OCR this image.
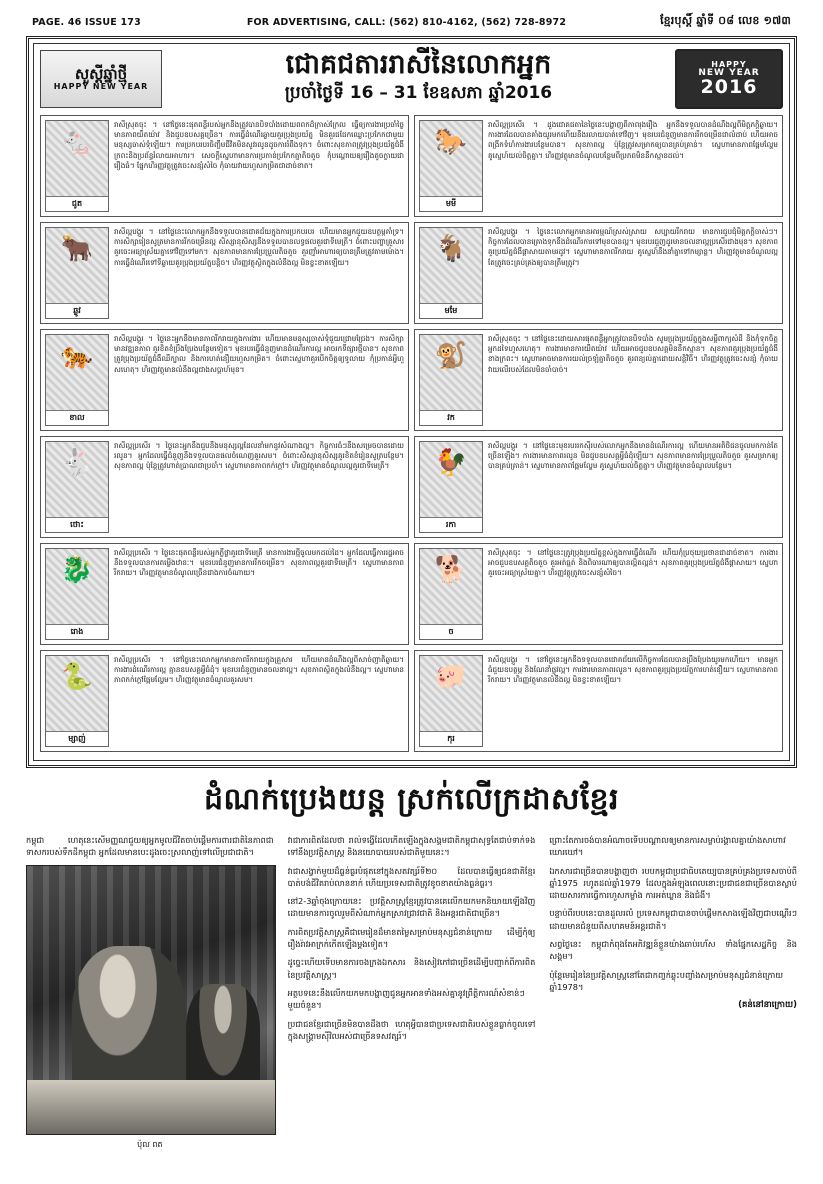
PAGE. 46 ISSUE 173	FOR ADVERTISING, CALL: (562) 810-4162, (562) 728-8972	ខ្មែរបុស្តិ៍ ឆ្នាំទី ០៨ លេខ ១៧៣
សួស្ដីឆ្នាំថ្មី
HAPPY NEW YEAR
ជោគជតាររាសីនៃលោកអ្នក
ប្រចាំថ្ងៃទី 16 – 31 ខែឧសភា ឆ្នាំ2016
HAPPY
NEW YEAR
2016
🐁
ជូត
រាសីស្រុតចុះ ។ នៅថ្ងៃនេះផុតពន្លឺរបស់អ្នកនឹងត្រូវបានបិទបាំងដោយពពកដ៏ក្រាស់ក្រែល ធ្វើឲ្យការងារប្រចាំថ្ងៃមានភាពយឺតយ៉ាវ និងជួបឧបសគ្គច្រើន។ ការធ្វើដំណើរឆ្ងាយគួរប្រុងប្រយ័ត្ន មិនគួរជជែកឈ្លោះប្រកែកជាមួយមនុស្សចាស់ទុំឡើយ។ ការប្រកបរបរចិញ្ចឹមជីវិតមិនសូវរលូនដូចការរំពឹងទុក។ ចំពោះសុខភាពត្រូវប្រុងប្រយ័ត្នជំងឺក្រពះនិងប្រព័ន្ធរំលាយអាហារ។ សេចក្ដីស្នេហាមានការប្រកាន់ប្រកែកគ្នាតិចតួច កុំបណ្ដោយឲ្យរឿងតូចក្លាយជារឿងធំ។ ផ្នែកហិរញ្ញវត្ថុត្រូវចេះសន្សំសំចៃ កុំចាយវាយហួសកម្រិតជាដាច់ខាត។
🐎
មមី
រាសីល្អប្រសើរ ។ ដួងជោគជតានៃថ្ងៃនេះបង្ហាញពីភាពរុងរឿង អ្នកនឹងទទួលបានដំណឹងល្អពីមិត្តភក្ដិឆ្ងាយ។ ការងារដែលបានគាំងយូរមកហើយនឹងរលាយបាត់ទៅវិញ។ មុខរបរជំនួញមានការរីកចម្រើនជាលំដាប់ ហើយអាចពង្រីកទំហំការងារបន្ថែមបាន។ សុខភាពល្អ ប៉ុន្ដែត្រូវសម្រាកឲ្យបានគ្រប់គ្រាន់។ ស្នេហាមានភាពផ្អែមល្ហែម គូស្នេហ៍យល់ចិត្តគ្នា។ ហិរញ្ញវត្ថុមានចំណូលបន្ថែមពីប្រភពមិននឹកស្មានដល់។
🐂
ឆ្លូវ
រាសីល្អបង្គួរ ។ នៅថ្ងៃនេះលោកអ្នកនឹងទទួលបានជោគជ័យក្នុងការប្រកបរបរ ហើយមានអ្នកជួយឧបត្ថម្ភគាំទ្រ។ ការសិក្សារៀនសូត្រមានការរីកចម្រើនល្អ សិស្សានុសិស្សនឹងទទួលបានលទ្ធផលគួរជាទីមេត្រី។ ចំពោះបញ្ហាគ្រួសារគួរចេះអធ្យាស្រ័យគ្នាទៅវិញទៅមក។ សុខភាពមានការប្រែប្រួលតិចតួច គួរញ៉ាំអាហារឲ្យបានត្រឹមត្រូវតាមម៉ោង។ ការធ្វើដំណើរទៅទីឆ្ងាយគួរប្រុងប្រយ័ត្នបន្ដិច។ ហិរញ្ញវត្ថុស្ថិតក្នុងលំនឹងល្អ មិនខ្វះខាតឡើយ។	🐐
មមែ
រាសីល្អបង្គួរ ។ ថ្ងៃនេះលោកអ្នកមានអារម្មណ៍ស្រស់ស្រាយ សប្បាយរីករាយ មានការជួបជុំមិត្តភក្ដិចាស់ៗ។ កិច្ចការដែលបានគ្រោងទុកនឹងដំណើរការទៅមុខបានល្អ។ មុខរបរជួញដូរមានចលនាល្អប្រសើរជាងមុន។ សុខភាពគួរប្រយ័ត្នជំងឺផ្ដាសាយតាមរដូវ។ ស្នេហាមានភាពរីករាយ គូស្នេហ៍នឹងនាំគ្នាទៅកម្សាន្ដ។ ហិរញ្ញវត្ថុមានចំណូលល្អ តែត្រូវចេះគ្រប់គ្រងឲ្យបានត្រឹមត្រូវ។
🐅
ខាល
រាសីល្អបង្គួរ ។ ថ្ងៃនេះអ្នកនឹងមានភាពរីករាយក្នុងការងារ ហើយមានមនុស្សចាស់ទុំជួយជ្រោមជ្រែង។ ការសិក្សាមានវឌ្ឍនភាព គួរខិតខំប្រឹងប្រែងបន្ថែមទៀត។ មុខរបរធ្វើជំនួញមានដំណើរការល្អ អាចរកទីផ្សារថ្មីបាន។ សុខភាពត្រូវប្រុងប្រយ័ត្នជំងឺឈឺក្បាល និងការហត់នឿយហួសកម្រិត។ ចំពោះស្នេហាគួរបើកចិត្តឲ្យទូលាយ កុំប្រកាន់អ្វីហួសហេតុ។ ហិរញ្ញវត្ថុមានលំនឹងល្អជាងសប្ដាហ៍មុន។	🐒
វក
រាសីស្រុតចុះ ។ នៅថ្ងៃនេះដោយសារផុតពន្លឺអ្នកត្រូវបានបិទបាំង សូមប្រុងប្រយ័ត្នក្នុងសម្ដីពាក្យសំដី និងកុំទុកចិត្តអ្នកដទៃហួសហេតុ។ ការងារមានការយឺតយ៉ាវ ហើយអាចជួបឧបសគ្គមិននឹកស្មាន។ សុខភាពគួរប្រុងប្រយ័ត្នជំងឺខាងក្រពះ។ ស្នេហាអាចមានការយល់ច្រឡំគ្នាតិចតួច គួរពន្យល់គ្នាដោយសន្ដិវិធី។ ហិរញ្ញវត្ថុត្រូវចេះសន្សំ កុំចាយវាយលើរបស់ដែលមិនចាំបាច់។
🐇
ថោះ
រាសីល្អប្រសើរ ។ ថ្ងៃនេះអ្នកនឹងជួបនឹងមនុស្សល្អដែលនាំមកនូវសំណាងល្អ។ កិច្ចការធំៗនឹងសម្រេចបានដោយរលូន។ អ្នកដែលធ្វើជំនួញនឹងទទួលបានផលចំណេញគួរសម។ ចំពោះសិស្សានុសិស្សគួរខិតខំរៀនសូត្របន្ថែម។ សុខភាពល្អ ប៉ុន្ដែត្រូវហាត់ប្រាណជាប្រចាំ។ ស្នេហាមានភាពកក់ក្ដៅ។ ហិរញ្ញវត្ថុមានចំណូលល្អគួរជាទីមេត្រី។	🐓
រកា
រាសីល្អបង្គួរ ។ នៅថ្ងៃនេះមុខរបររកស៊ីរបស់លោកអ្នកនឹងមានដំណើរការល្អ ហើយមានអតិថិជនចូលមកកាន់តែច្រើនឡើង។ ការងារមានភាពរលូន មិនជួបឧបសគ្គអ្វីធំដុំឡើយ។ សុខភាពមានការប្រែប្រួលតិចតួច គួរសម្រាកឲ្យបានគ្រប់គ្រាន់។ ស្នេហាមានភាពផ្អែមល្ហែម គូស្នេហ៍យល់ចិត្តគ្នា។ ហិរញ្ញវត្ថុមានចំណូលបន្ថែម។
🐉
រោង
រាសីល្អប្រសើរ ។ ថ្ងៃនេះផុតពន្លឺរបស់អ្នកភ្លឺថ្លាគួរជាទីមេត្រី មានការងារថ្មីចូលមកដល់ដៃ។ អ្នកដែលធ្វើការរដ្ឋអាចនឹងទទួលបានការតម្លើងឋានៈ។ មុខរបរជំនួញមានការរីកចម្រើន។ សុខភាពល្អគួរជាទីមេត្រី។ ស្នេហាមានភាពរីករាយ។ ហិរញ្ញវត្ថុមានចំណូលច្រើនជាងការចំណាយ។	🐕
ច
រាសីស្រុតចុះ ។ នៅថ្ងៃនេះត្រូវប្រុងប្រយ័ត្នខ្ពស់ក្នុងការធ្វើដំណើរ ហើយកុំប្រថុយប្រថានជាដាច់ខាត។ ការងារអាចជួបឧបសគ្គតិចតួច គួរអត់ធ្មត់ និងពិចារណាឲ្យបានល្អិតល្អន់។ សុខភាពគួរប្រុងប្រយ័ត្នជំងឺផ្ដាសាយ។ ស្នេហាគួរចេះអធ្យាស្រ័យគ្នា។ ហិរញ្ញវត្ថុត្រូវចេះសន្សំសំចៃ។
🐍
ម្សាញ់
រាសីល្អប្រសើរ ។ នៅថ្ងៃនេះលោកអ្នកមានភាពរីករាយក្នុងគ្រួសារ ហើយមានដំណឹងល្អពីសាច់ញាតិឆ្ងាយ។ ការងារដំណើរការល្អ គ្មានឧបសគ្គអ្វីធំដុំ។ មុខរបរជំនួញមានចលនាល្អ។ សុខភាពស្ថិតក្នុងលំនឹងល្អ។ ស្នេហាមានភាពកក់ក្ដៅផ្អែមល្ហែម។ ហិរញ្ញវត្ថុមានចំណូលគួរសម។	🐖
កុរ
រាសីល្អបង្គួរ ។ នៅថ្ងៃនេះអ្នកនឹងទទួលបានជោគជ័យលើកិច្ចការដែលបានប្រឹងប្រែងយូរមកហើយ។ មានអ្នកធំជួយឧបត្ថម្ភ និងណែនាំផ្លូវល្អ។ ការងារមានភាពរលូន។ សុខភាពគួរប្រុងប្រយ័ត្នការហត់នឿយ។ ស្នេហាមានភាពរីករាយ។ ហិរញ្ញវត្ថុមានលំនឹងល្អ មិនខ្វះខាតឡើយ។
ដំណក់ប្រេងយន្ត ស្រក់លើក្រដាសខ្មែរ

កម្ពុជា ហេតុនេះសើមញ្ញណជួយឲ្យអ្នកមូលជីវិតចាប់ផ្ដើមការពារជាតិនៃភាពជាទាសករបស់ទឹកដីកម្ពុជា អ្នកដែលមានបេះដូងចេះស្រលាញ់ទៅលើប្រជាជាតិ។

ប៉ុល ពត

វាជាការពិតដែលថា រាល់ទង្វើដែលកើតឡើងក្នុងសង្គមជាតិកម្ពុជាសុទ្ធតែជាប់ទាក់ទងទៅនឹងប្រវត្តិសាស្ដ្រ និងនយោបាយរបស់ជាតិមួយនេះ។

វាជាសង្វាក់មួយដ៏ធ្ងន់ធ្ងរបំផុតនៅក្នុងសតវត្សរ៍ទី២០ ដែលបានធ្វើឲ្យជនជាតិខ្មែរបាត់បង់ជីវិតរាប់លាននាក់ ហើយប្រទេសជាតិត្រូវខូចខាតយ៉ាងធ្ងន់ធ្ងរ។

នៅ2-3ឆ្នាំចុងក្រោយនេះ ប្រវត្ដិសាស្ដ្រខ្មែរត្រូវបានគេលើកយកមកនិយាយឡើងវិញ ដោយមានការចូលរួមពីសំណាក់អ្នកស្រាវជ្រាវជាតិ និងអន្ដរជាតិជាច្រើន។

ការពិតប្រវត្ដិសាស្ដ្រគឺជាមេរៀនដ៏មានតម្លៃសម្រាប់មនុស្សជំនាន់ក្រោយ ដើម្បីកុំឲ្យរឿងរ៉ាវអាក្រក់កើតឡើងម្ដងទៀត។

ដូច្នេះហើយទើបមានការចងក្រងឯកសារ និងសៀវភៅជាច្រើនដើម្បីបញ្ជាក់ពីការពិតនៃប្រវត្ដិសាស្ដ្រ។

អត្ថបទនេះនឹងលើកយកមកបង្ហាញជូនអ្នកអានទាំងអស់គ្នានូវព្រឹត្ដិការណ៍សំខាន់ៗមួយចំនួន។

ប្រជាជនខ្មែរជាច្រើនមិនបានដឹងថា ហេតុអ្វីបានជាប្រទេសជាតិរបស់ខ្លួនធ្លាក់ចូលទៅក្នុងសង្គ្រាមស៊ីវិលអស់ជាច្រើនទសវត្សរ៍។

ព្រោះតែការចង់បានអំណាចទើបបណ្ដាលឲ្យមានការសម្លាប់រង្គាលគ្នាយ៉ាងសាហាវឃោរឃៅ។

ឯកសារជាច្រើនបានបង្ហាញថា របបកម្ពុជាប្រជាធិបតេយ្យបានគ្រប់គ្រងប្រទេសចាប់ពីឆ្នាំ1975 រហូតដល់ឆ្នាំ1979 ដែលក្នុងអំឡុងពេលនោះប្រជាជនជាច្រើនបានស្លាប់ដោយសារការធ្វើការហួសកម្លាំង ការអត់ឃ្លាន និងជំងឺ។

បន្ទាប់ពីរបបនេះបានដួលរលំ ប្រទេសកម្ពុជាបានចាប់ផ្ដើមកសាងឡើងវិញជាបណ្ដើរៗ ដោយមានជំនួយពីសហគមន៍អន្ដរជាតិ។

សព្វថ្ងៃនេះ កម្ពុជាកំពុងតែអភិវឌ្ឍន៍ខ្លួនយ៉ាងឆាប់រហ័ស ទាំងផ្នែកសេដ្ឋកិច្ច និងសង្គម។

ប៉ុន្ដែមេរៀននៃប្រវត្ដិសាស្ដ្រនៅតែជាកញ្ចក់ឆ្លុះបញ្ចាំងសម្រាប់មនុស្សជំនាន់ក្រោយ ឆ្នាំ1978។

(គន់នៅនាក្រោយ)
